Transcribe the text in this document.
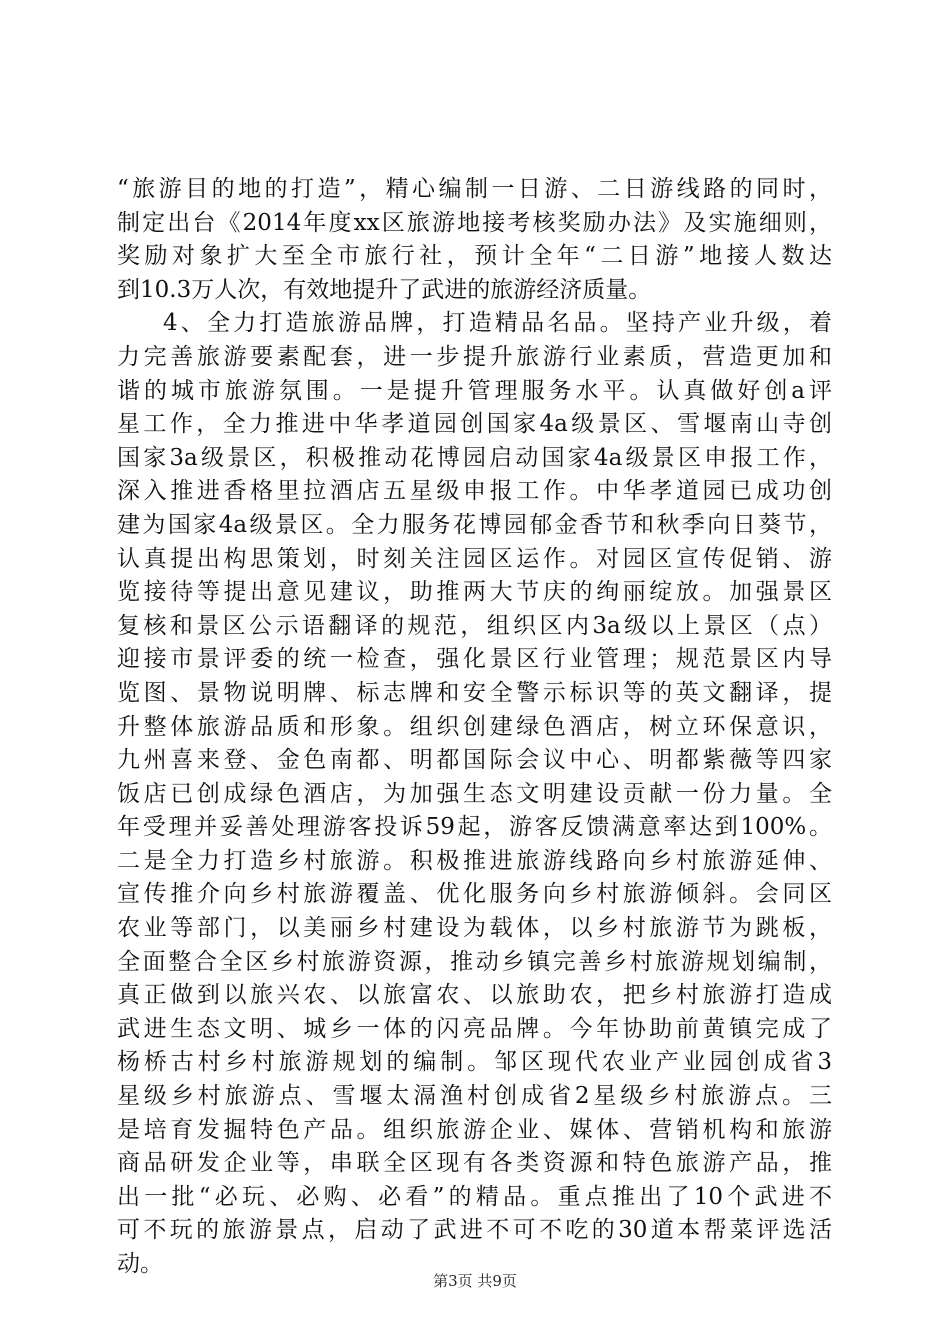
“旅游目的地的打造”，精心编制一日游、二日游线路的同时，
制定出台《2014年度xx区旅游地接考核奖励办法》及实施细则，
奖励对象扩大至全市旅行社，预计全年“二日游”地接人数达
到10.3万人次，有效地提升了武进的旅游经济质量。
4、全力打造旅游品牌，打造精品名品。坚持产业升级，着
力完善旅游要素配套，进一步提升旅游行业素质，营造更加和
谐的城市旅游氛围。一是提升管理服务水平。认真做好创a评
星工作，全力推进中华孝道园创国家4a级景区、雪堰南山寺创
国家3a级景区，积极推动花博园启动国家4a级景区申报工作，
深入推进香格里拉酒店五星级申报工作。中华孝道园已成功创
建为国家4a级景区。全力服务花博园郁金香节和秋季向日葵节，
认真提出构思策划，时刻关注园区运作。对园区宣传促销、游
览接待等提出意见建议，助推两大节庆的绚丽绽放。加强景区
复核和景区公示语翻译的规范，组织区内3a级以上景区（点）
迎接市景评委的统一检查，强化景区行业管理；规范景区内导
览图、景物说明牌、标志牌和安全警示标识等的英文翻译，提
升整体旅游品质和形象。组织创建绿色酒店，树立环保意识，
九州喜来登、金色南都、明都国际会议中心、明都紫薇等四家
饭店已创成绿色酒店，为加强生态文明建设贡献一份力量。全
年受理并妥善处理游客投诉59起，游客反馈满意率达到100%。
二是全力打造乡村旅游。积极推进旅游线路向乡村旅游延伸、
宣传推介向乡村旅游覆盖、优化服务向乡村旅游倾斜。会同区
农业等部门，以美丽乡村建设为载体，以乡村旅游节为跳板，
全面整合全区乡村旅游资源，推动乡镇完善乡村旅游规划编制，
真正做到以旅兴农、以旅富农、以旅助农，把乡村旅游打造成
武进生态文明、城乡一体的闪亮品牌。今年协助前黄镇完成了
杨桥古村乡村旅游规划的编制。邹区现代农业产业园创成省3
星级乡村旅游点、雪堰太滆渔村创成省2星级乡村旅游点。三
是培育发掘特色产品。组织旅游企业、媒体、营销机构和旅游
商品研发企业等，串联全区现有各类资源和特色旅游产品，推
出一批“必玩、必购、必看”的精品。重点推出了10个武进不
可不玩的旅游景点，启动了武进不可不吃的30道本帮菜评选活
动。
第3页 共9页
